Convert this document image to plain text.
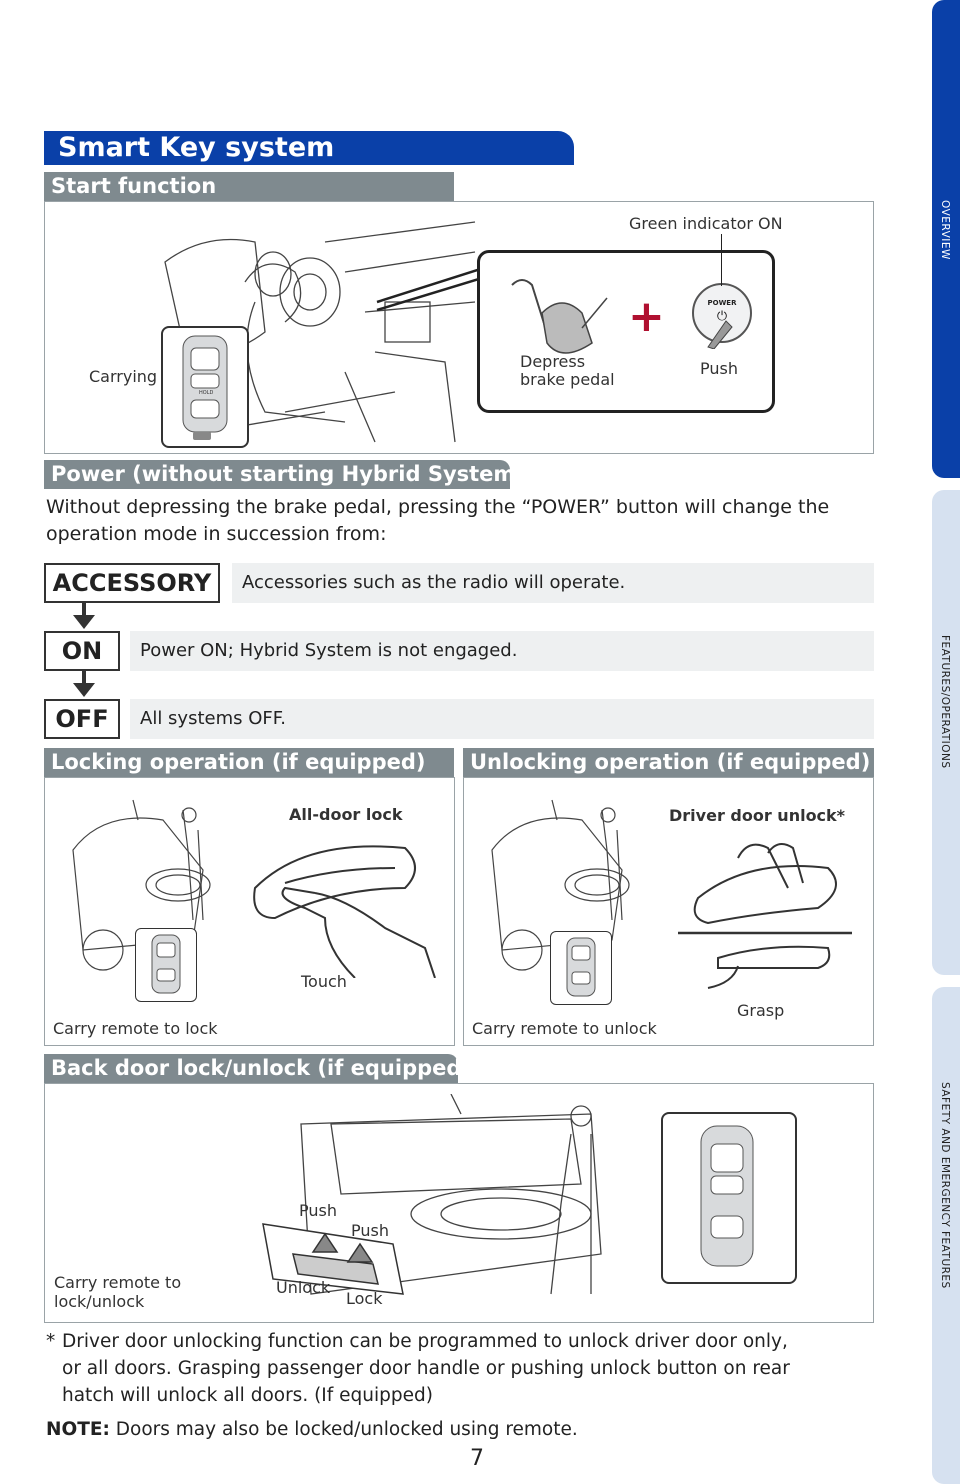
OVERVIEW
FEATURES/OPERATIONS
SAFETY AND EMERGENCY FEATURES
Smart Key system
Start function
HOLD
Carrying
+	POWER
⏻
Depress
brake pedal
Push
Green indicator ON
Power (without starting Hybrid System)
Without depressing the brake pedal, pressing the “POWER” button will change the operation mode in succession from:
ACCESSORY	Accessories such as the radio will operate.
ON	Power ON; Hybrid System is not engaged.
OFF	All systems OFF.
Locking operation (if equipped)
All-door lock
Touch
Carry remote to lock
Unlocking operation (if equipped)
Driver door unlock*
Grasp
Carry remote to unlock
Back door lock/unlock (if equipped)
Push
Push
Unlock
Lock
Carry remote to
lock/unlock
* Driver door unlocking function can be programmed to unlock driver door only,
or all doors. Grasping passenger door handle or pushing unlock button on rear
hatch will unlock all doors. (If equipped)
NOTE: Doors may also be locked/unlocked using remote.
7
